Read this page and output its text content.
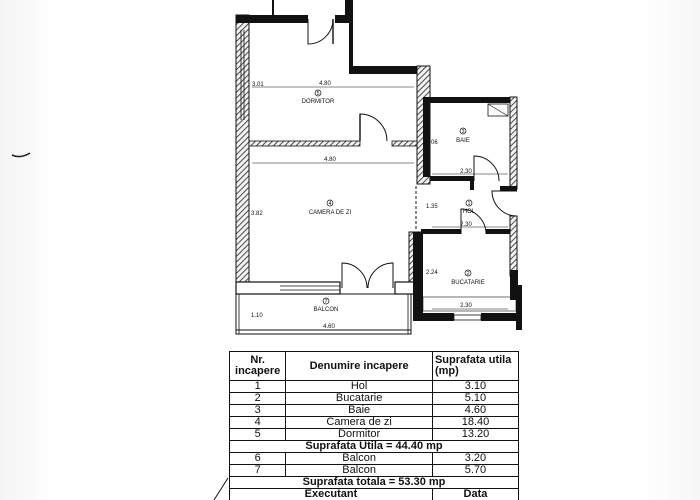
4.80
3.01
4.80
3.82
2.06
2.30
1.35
2.30
2.24
2.30
1.10
4.60
5
DORMITOR
4
CAMERA DE ZI
3
BAIE
1
HOL
2
BUCATARIE
7
BALCON
Nr. incapere	Denumire incapere	Suprafata utila (mp)

1	Hol	3.10
2	Bucatarie	5.10
3	Baie	4.60
4	Camera de zi	18.40
5	Dormitor	13.20
Suprafata Utila = 44.40 mp		
6	Balcon	3.20
7	Balcon	5.70
Suprafata totala = 53.30 mp		
Executant		Data
